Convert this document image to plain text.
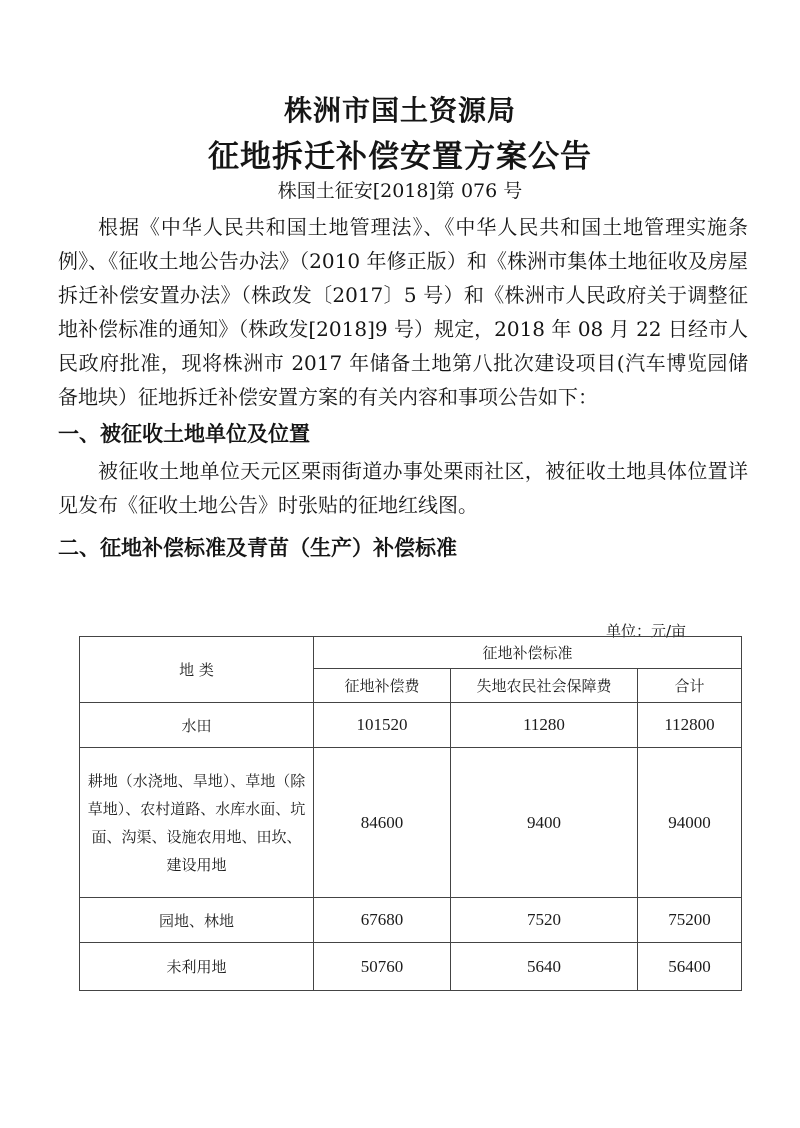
株洲市国土资源局
征地拆迁补偿安置方案公告
株国土征安[2018]第 076 号

根据《中华人民共和国土地管理法》、《中华人民共和国土地管理实施条例》、《征收土地公告办法》（2010 年修正版）和《株洲市集体土地征收及房屋拆迁补偿安置办法》（株政发〔2017〕5 号）和《株洲市人民政府关于调整征地补偿标准的通知》（株政发[2018]9 号）规定，2018 年 08 月 22 日经市人民政府批准，现将株洲市 2017 年储备土地第八批次建设项目(汽车博览园储备地块）征地拆迁补偿安置方案的有关内容和事项公告如下：

一、被征收土地单位及位置

被征收土地单位天元区栗雨街道办事处栗雨社区，被征收土地具体位置详见发布《征收土地公告》时张贴的征地红线图。

二、征地补偿标准及青苗（生产）补偿标准

单位：元/亩
地 类	征地补偿标准		
	征地补偿费	失地农民社会保障费	合计
水田	101520	11280	112800

耕地（水浇地、旱地）、草地（除
草地）、农村道路、水库水面、坑
面、沟渠、设施农用地、田坎、
建设用地	84600	9400	94000
园地、林地	67680	7520	75200
未利用地	50760	5640	56400
